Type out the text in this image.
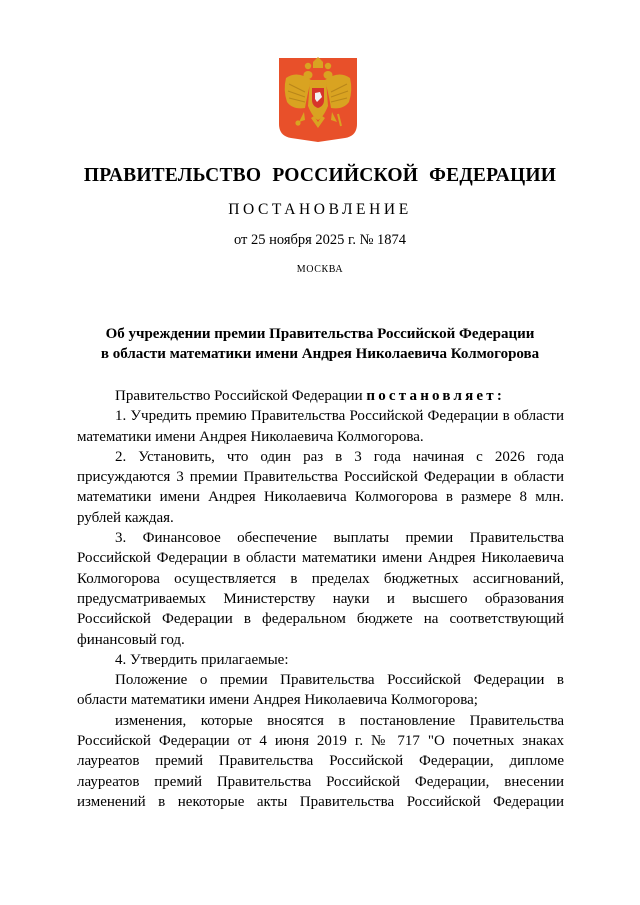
ПРАВИТЕЛЬСТВО РОССИЙСКОЙ ФЕДЕРАЦИИ
ПОСТАНОВЛЕНИЕ
от 25 ноября 2025 г. № 1874
МОСКВА
Об учреждении премии Правительства Российской Федерации
в области математики имени Андрея Николаевича Колмогорова

Правительство Российской Федерации постановляет:

1. Учредить премию Правительства Российской Федерации в области математики имени Андрея Николаевича Колмогорова.

2. Установить, что один раз в 3 года начиная с 2026 года присуждаются 3 премии Правительства Российской Федерации в области математики имени Андрея Николаевича Колмогорова в размере 8 млн. рублей каждая.

3. Финансовое обеспечение выплаты премии Правительства Российской Федерации в области математики имени Андрея Николаевича Колмогорова осуществляется в пределах бюджетных ассигнований, предусматриваемых Министерству науки и высшего образования Российской Федерации в федеральном бюджете на соответствующий финансовый год.

4. Утвердить прилагаемые:

Положение о премии Правительства Российской Федерации в области математики имени Андрея Николаевича Колмогорова;

изменения, которые вносятся в постановление Правительства Российской Федерации от 4 июня 2019 г. № 717 "О почетных знаках лауреатов премий Правительства Российской Федерации, дипломе лауреатов премий Правительства Российской Федерации, внесении изменений в некоторые акты Правительства Российской Федерации
